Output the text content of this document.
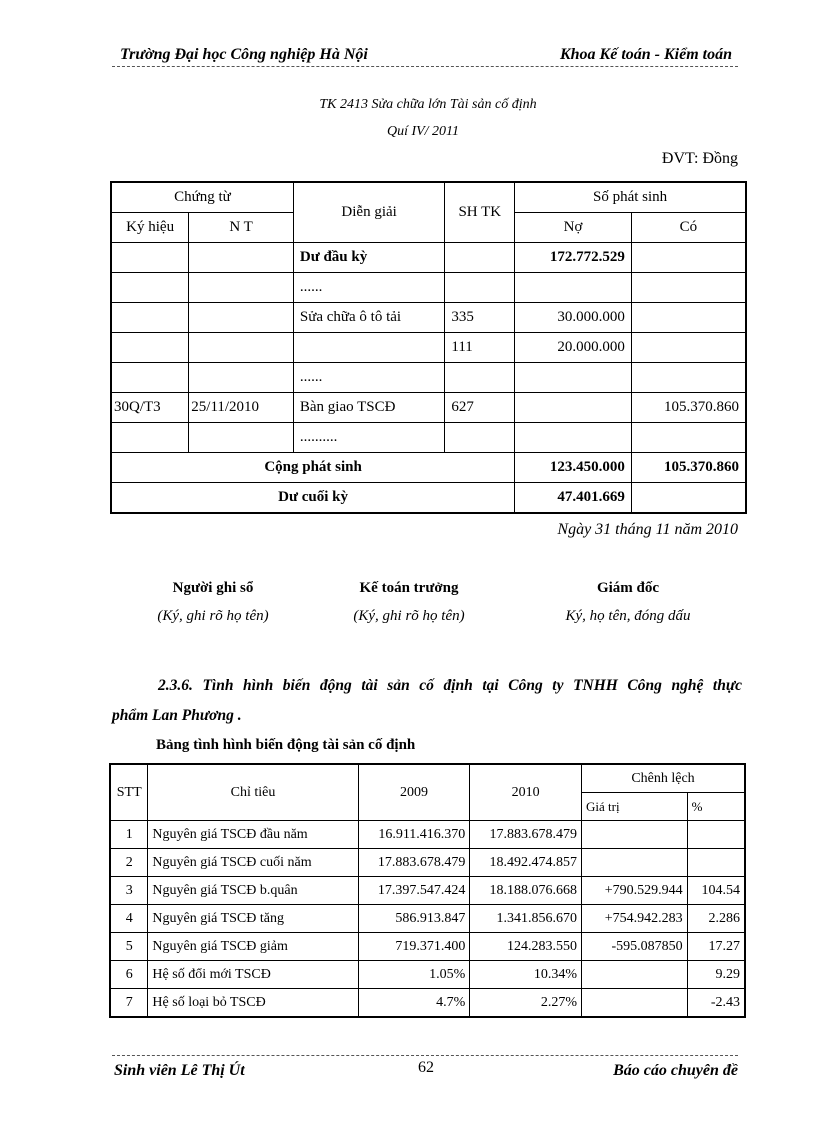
Trường Đại học Công nghiệp Hà Nội	Khoa Kế toán - Kiểm toán
TK 2413 Sửa chữa lớn Tài sản cố định
Quí IV/ 2011
ĐVT: Đồng
Chứng từ		Diễn giải	SH TK	Số phát sinh	
Ký hiệu	N T			Nợ	Có
		Dư đầu kỳ		172.772.529	
		......			
		Sửa chữa ô tô tải	335	30.000.000	
			111	20.000.000	
		......			
30Q/T3	25/11/2010	Bàn giao TSCĐ	627		105.370.860
		..........			
Cộng phát sinh				123.450.000	105.370.860
Dư cuối kỳ				47.401.669	
Ngày 31 tháng 11 năm 2010
Người ghi sổ
(Ký, ghi rõ họ tên)
Kế toán trưởng
(Ký, ghi rõ họ tên)
Giám đốc
Ký, họ tên, đóng dấu
2.3.6. Tình hình biến động tài sản cố định tại Công ty TNHH Công nghệ thực
phẩm Lan Phương .
Bảng tình hình biến động tài sản cố định
STT	Chỉ tiêu	2009	2010	Chênh lệch	
				Giá trị	%
1	Nguyên giá TSCĐ đầu năm	16.911.416.370	17.883.678.479		
2	Nguyên giá TSCĐ cuối năm	17.883.678.479	18.492.474.857		
3	Nguyên giá TSCĐ b.quân	17.397.547.424	18.188.076.668	+790.529.944	104.54
4	Nguyên giá TSCĐ tăng	586.913.847	1.341.856.670	+754.942.283	2.286
5	Nguyên giá TSCĐ giảm	719.371.400	124.283.550	-595.087850	17.27
6	Hệ số đổi mới TSCĐ	1.05%	10.34%		9.29
7	Hệ số loại bỏ TSCĐ	4.7%	2.27%		-2.43
Sinh viên Lê Thị Út	62	Báo cáo chuyên đề
